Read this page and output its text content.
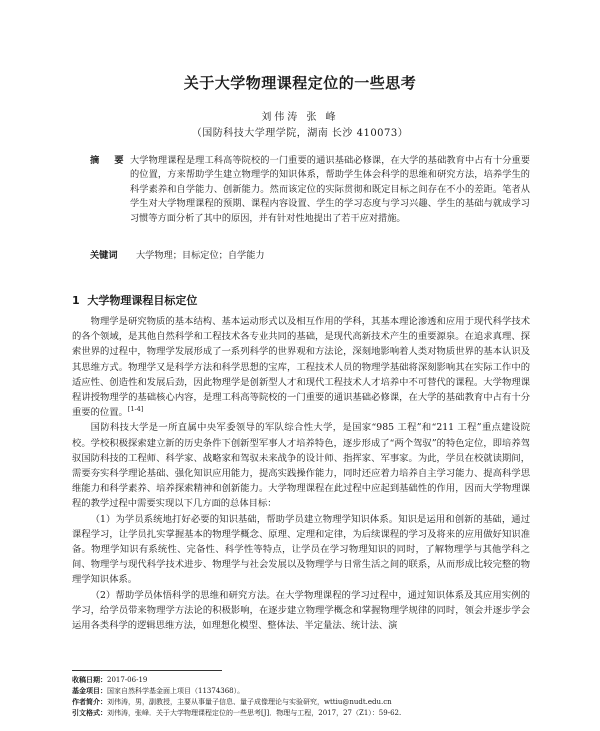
关于大学物理课程定位的一些思考
刘伟涛 张 峰
（国防科技大学理学院，湖南 长沙 410073）
摘 要 大学物理课程是理工科高等院校的一门重要的通识基础必修课，在大学的基础教育中占有十分重要的位置，方来帮助学生建立物理学的知识体系，帮助学生体会科学的思维和研究方法，培养学生的科学素养和自学能力、创新能力。然而该定位的实际贯彻和既定目标之间存在不小的差距。笔者从学生对大学物理课程的预期、课程内容设置、学生的学习态度与学习兴趣、学生的基础与就成学习习惯等方面分析了其中的原因，并有针对性地提出了若干应对措施。
关键词	大学物理；目标定位；自学能力
1 大学物理课程目标定位

物理学是研究物质的基本结构、基本运动形式以及相互作用的学科，其基本理论渗透和应用于现代科学技术的各个领域，是其他自然科学和工程技术各专业共同的基础，是现代高新技术产生的重要源泉。在追求真理、探索世界的过程中，物理学发展形成了一系列科学的世界观和方法论，深刻地影响着人类对物质世界的基本认识及其思维方式。物理学又是科学方法和科学思想的宝库，工程技术人员的物理学基础将深刻影响其在实际工作中的适应性、创造性和发展后劲，因此物理学是创新型人才和现代工程技术人才培养中不可替代的课程。大学物理课程讲授物理学的基础核心内容，是理工科高等院校的一门重要的通识基础必修课，在大学的基础教育中占有十分重要的位置。[1-4]

国防科技大学是一所直属中央军委领导的军队综合性大学，是国家“985 工程”和“211 工程”重点建设院校。学校积极探索建立新的历史条件下创新型军事人才培养特色，逐步形成了“两个驾驭”的特色定位，即培养驾驭国防科技的工程师、科学家、战略家和驾驭未来战争的设计师、指挥家、军事家。为此，学员在校就读期间，需要夯实科学理论基础、强化知识应用能力，提高实践操作能力，同时还应着力培养自主学习能力、提高科学思维能力和科学素养、培养探索精神和创新能力。大学物理课程在此过程中应起到基础性的作用，因而大学物理课程的教学过程中需要实现以下几方面的总体目标：

（1）为学员系统地打好必要的知识基础，帮助学员建立物理学知识体系。知识是运用和创新的基础，通过课程学习，让学员扎实掌握基本的物理学概念、原理、定理和定律，为后续课程的学习及将来的应用做好知识准备。物理学知识有系统性、完备性、科学性等特点，让学员在学习物理知识的同时，了解物理学与其他学科之间、物理学与现代科学技术进步、物理学与社会发展以及物理学与日常生活之间的联系，从而形成比较完整的物理学知识体系。

（2）帮助学员体悟科学的思维和研究方法。在大学物理课程的学习过程中，通过知识体系及其应用实例的学习，给学员带来物理学方法论的积极影响，在逐步建立物理学概念和掌握物理学规律的同时，领会并逐步学会运用各类科学的逻辑思维方法，如理想化模型、整体法、半定量法、统计法、演

收稿日期：2017-06-19
基金项目：国家自然科学基金面上项目（11374368）。
作者简介：刘伟涛，男，副教授，主要从事量子信息、量子成像理论与实验研究，wttiu@nudt.edu.cn
引文格式：刘伟涛，张峰．关于大学物理课程定位的一些思考[J]．物理与工程，2017，27（Z1）：59-62.
